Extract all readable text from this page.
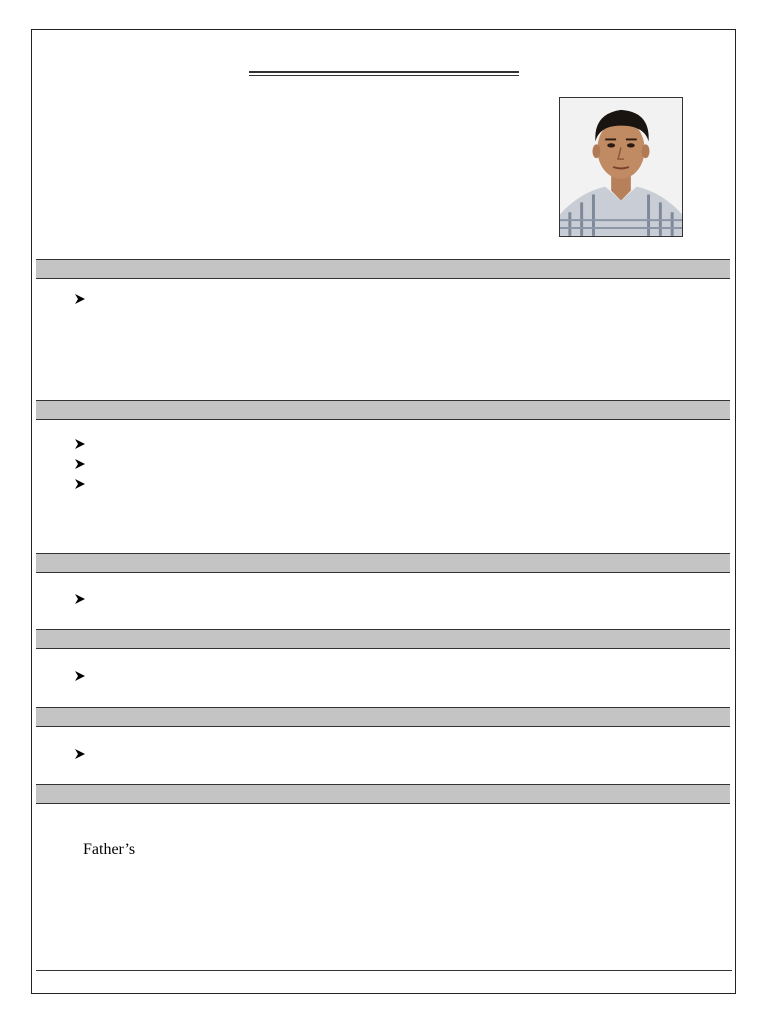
Father’s
